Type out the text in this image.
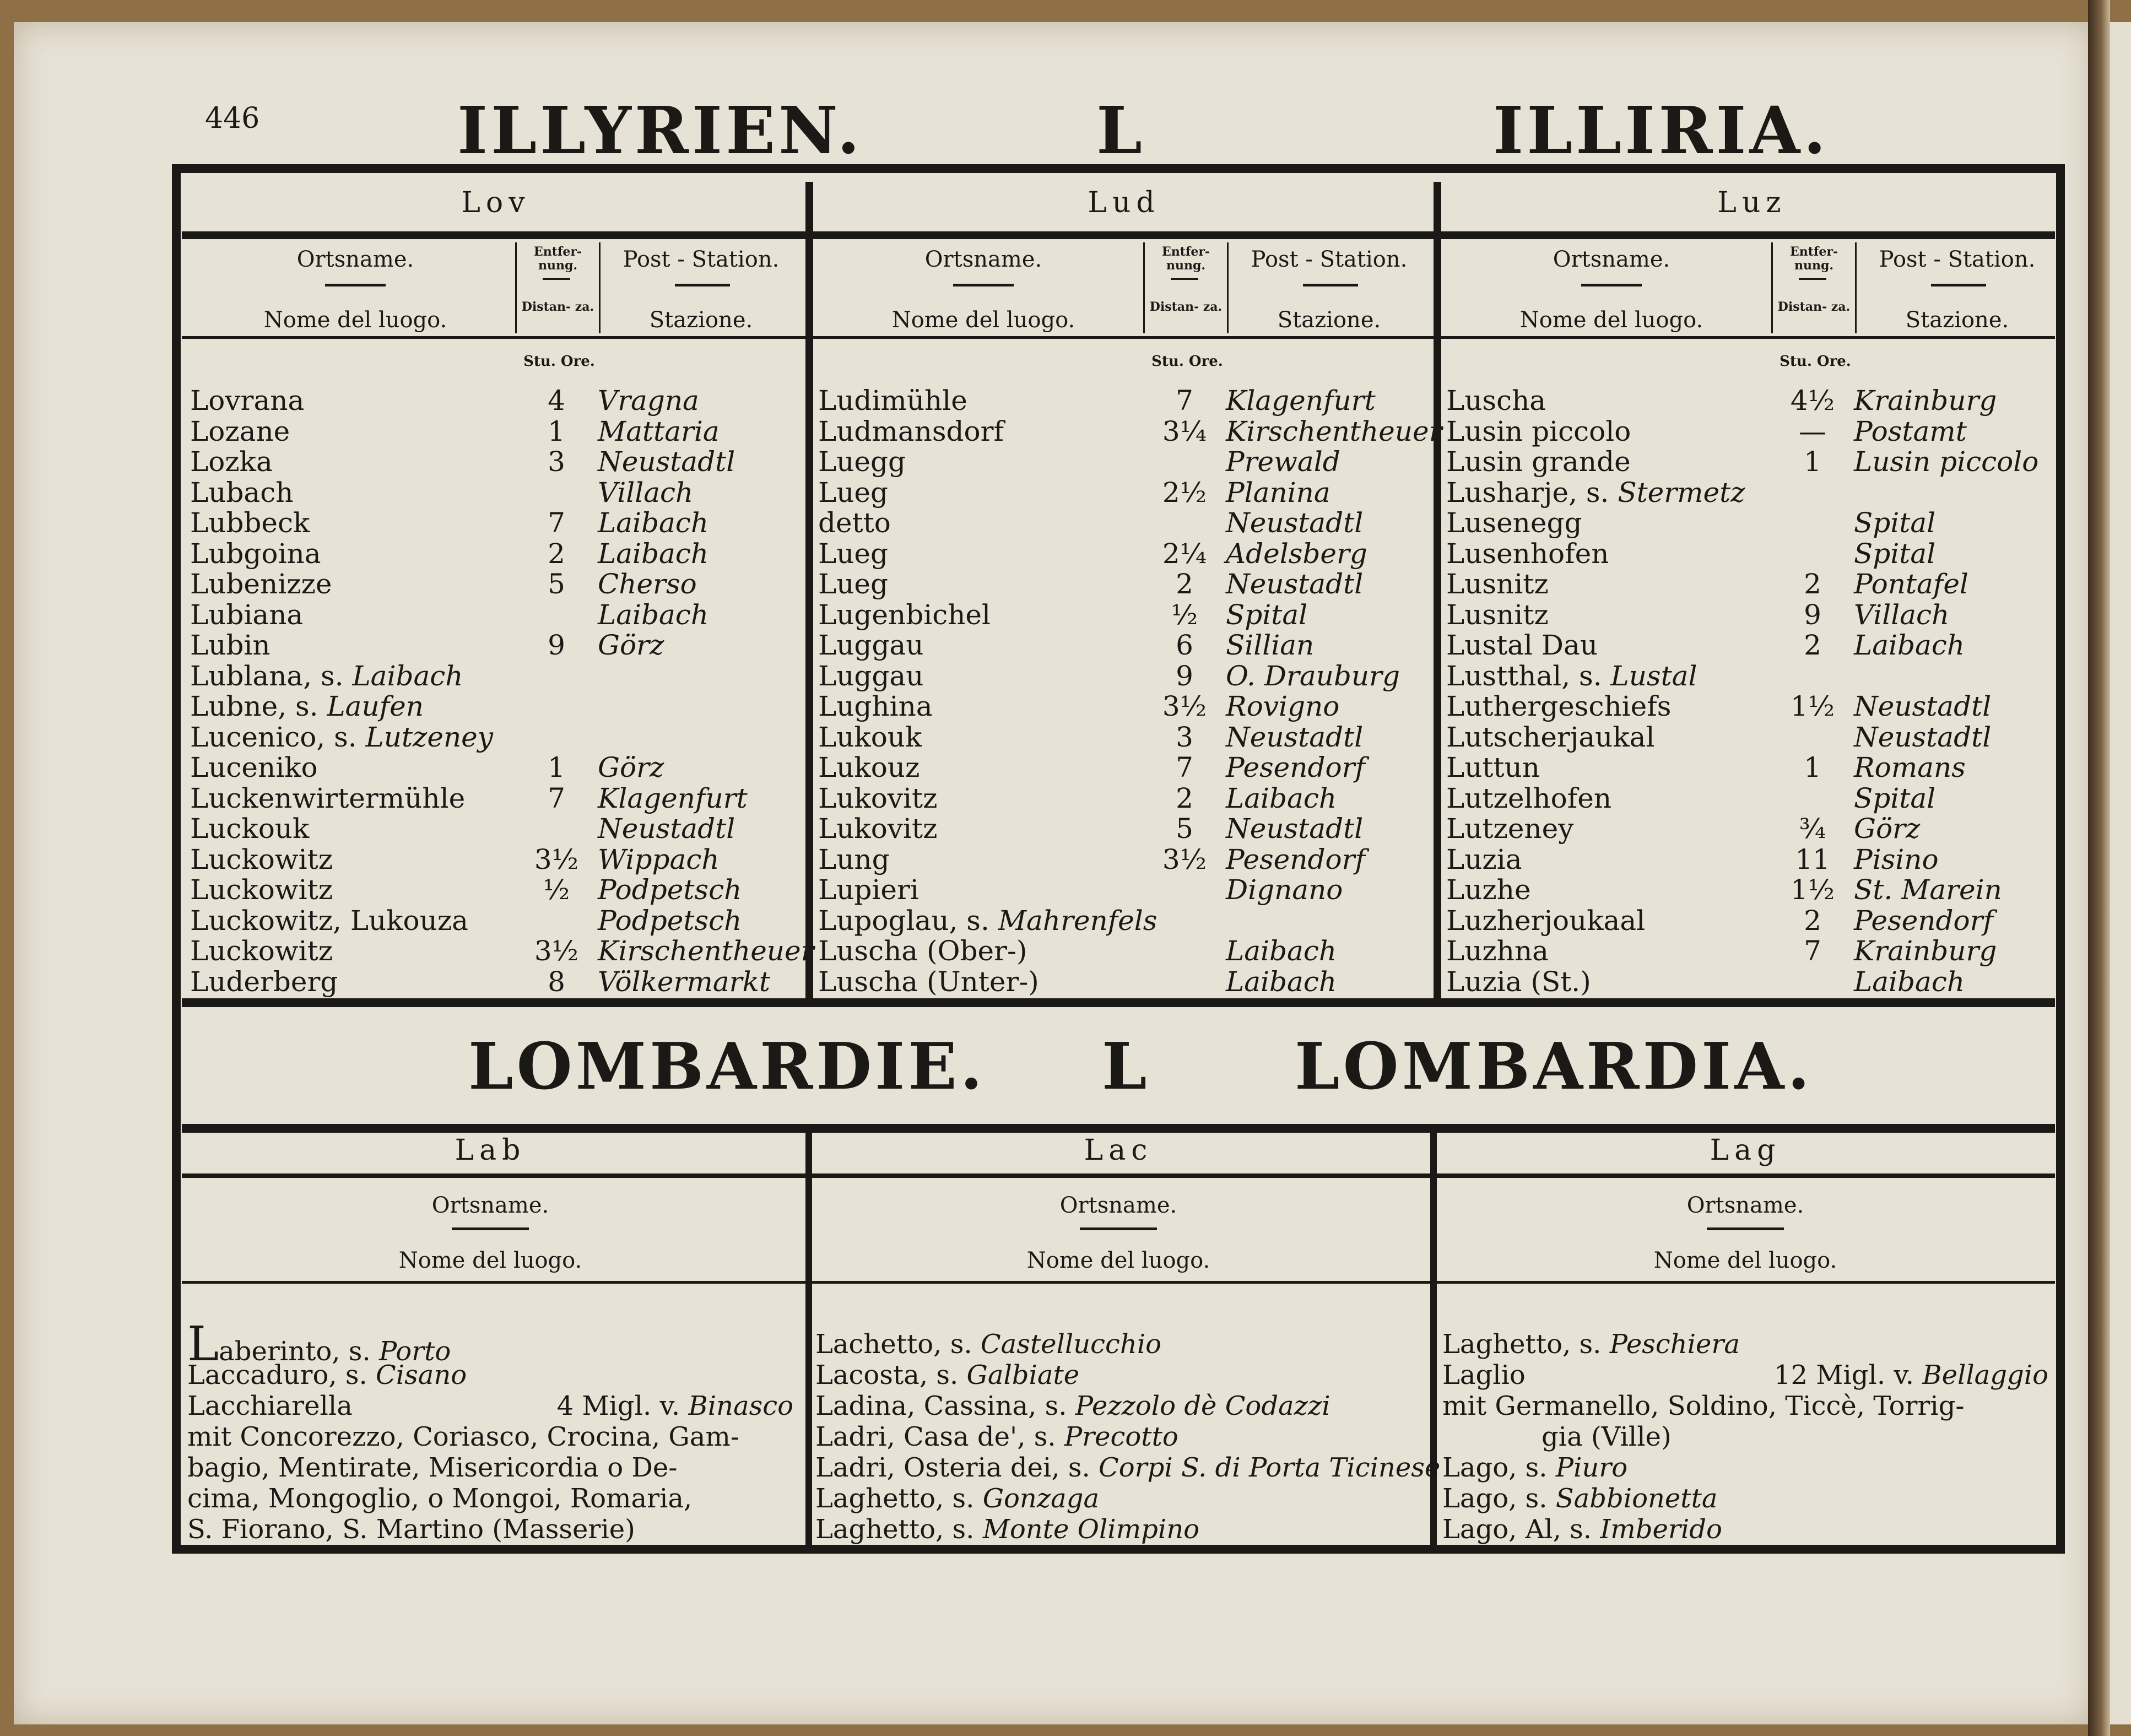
446	ILLYRIEN.	L	ILLIRIA.
LOMBARDIE. L LOMBARDIA.
Lov
Ortsname.
Nome del luogo.
Entfer- nung.
Distan- za.
Post - Station.
Stazione.
Stu. Ore.
Lovrana	4	Vragna
Lozane	1	Mattaria
Lozka	3	Neustadtl
Lubach	Villach
Lubbeck	7	Laibach
Lubgoina	2	Laibach
Lubenizze	5	Cherso
Lubiana	Laibach
Lubin	9	Görz
Lublana, s. Laibach
Lubne, s. Laufen
Lucenico, s. Lutzeney
Luceniko	1	Görz
Luckenwirtermühle	7	Klagenfurt
Luckouk	Neustadtl
Luckowitz	3½ Wippach
Luckowitz	½	Podpetsch
Luckowitz, Lukouza	Podpetsch
Luckowitz	3½ Kirschentheuer
Luderberg	8	Völkermarkt
Lud
Ortsname.
Nome del luogo.
Entfer- nung.
Distan- za.
Post - Station.
Stazione.
Stu. Ore.
Ludimühle	7	Klagenfurt
Ludmansdorf	3¼ Kirschentheuer
Luegg	Prewald
Lueg	2½ Planina
detto	Neustadtl
Lueg	2¼ Adelsberg
Lueg	2	Neustadtl
Lugenbichel	½	Spital
Luggau	6	Sillian
Luggau	9	O. Drauburg
Lughina	3½ Rovigno
Lukouk	3	Neustadtl
Lukouz	7	Pesendorf
Lukovitz	2	Laibach
Lukovitz	5	Neustadtl
Lung	3½ Pesendorf
Lupieri	Dignano
Lupoglau, s. Mahrenfels
Luscha (Ober-)	Laibach
Luscha (Unter-)	Laibach
Luz
Ortsname.
Nome del luogo.
Entfer- nung.
Distan- za.
Post - Station.
Stazione.
Stu. Ore.
Luscha	4½ Krainburg
Lusin piccolo	—	Postamt
Lusin grande	1	Lusin piccolo
Lusharje, s. Stermetz
Lusenegg	Spital
Lusenhofen	Spital
Lusnitz	2	Pontafel
Lusnitz	9	Villach
Lustal Dau	2	Laibach
Lustthal, s. Lustal
Luthergeschiefs	1½ Neustadtl
Lutscherjaukal	Neustadtl
Luttun	1	Romans
Lutzelhofen	Spital
Lutzeney	¾	Görz
Luzia	11 Pisino
Luzhe	1½ St. Marein
Luzherjoukaal	2	Pesendorf
Luzhna	7	Krainburg
Luzia (St.)	Laibach
Lab
Ortsname.
Nome del luogo.
Laberinto, s. Porto
Laccaduro, s. Cisano
Lacchiarella	4 Migl. v. Binasco
mit Concorezzo, Coriasco, Crocina, Gam-
bagio, Mentirate, Misericordia o De-
cima, Mongoglio, o Mongoi, Romaria,
S. Fiorano, S. Martino (Masserie)
Lac
Ortsname.
Nome del luogo.
Lachetto, s. Castellucchio
Lacosta, s. Galbiate
Ladina, Cassina, s. Pezzolo dè Codazzi
Ladri, Casa de', s. Precotto
Ladri, Osteria dei, s. Corpi S. di Porta Ticinese
Laghetto, s. Gonzaga
Laghetto, s. Monte Olimpino
Lag
Ortsname.
Nome del luogo.
Laghetto, s. Peschiera
Laglio	12 Migl. v. Bellaggio
mit Germanello, Soldino, Ticcè, Torrig-
gia (Ville)
Lago, s. Piuro
Lago, s. Sabbionetta
Lago, Al, s. Imberido
